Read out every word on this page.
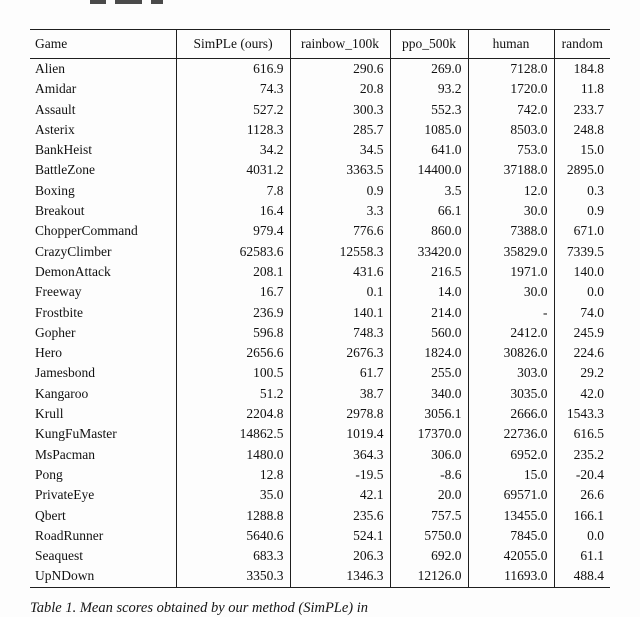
Game	SimPLe (ours)	rainbow_100k	ppo_500k	human	random
Alien	616.9	290.6	269.0	7128.0	184.8
Amidar	74.3	20.8	93.2	1720.0	11.8
Assault	527.2	300.3	552.3	742.0	233.7
Asterix	1128.3	285.7	1085.0	8503.0	248.8
BankHeist	34.2	34.5	641.0	753.0	15.0
BattleZone	4031.2	3363.5	14400.0	37188.0	2895.0
Boxing	7.8	0.9	3.5	12.0	0.3
Breakout	16.4	3.3	66.1	30.0	0.9
ChopperCommand	979.4	776.6	860.0	7388.0	671.0
CrazyClimber	62583.6	12558.3	33420.0	35829.0	7339.5
DemonAttack	208.1	431.6	216.5	1971.0	140.0
Freeway	16.7	0.1	14.0	30.0	0.0
Frostbite	236.9	140.1	214.0	-	74.0
Gopher	596.8	748.3	560.0	2412.0	245.9
Hero	2656.6	2676.3	1824.0	30826.0	224.6
Jamesbond	100.5	61.7	255.0	303.0	29.2
Kangaroo	51.2	38.7	340.0	3035.0	42.0
Krull	2204.8	2978.8	3056.1	2666.0	1543.3
KungFuMaster	14862.5	1019.4	17370.0	22736.0	616.5
MsPacman	1480.0	364.3	306.0	6952.0	235.2
Pong	12.8	-19.5	-8.6	15.0	-20.4
PrivateEye	35.0	42.1	20.0	69571.0	26.6
Qbert	1288.8	235.6	757.5	13455.0	166.1
RoadRunner	5640.6	524.1	5750.0	7845.0	0.0
Seaquest	683.3	206.3	692.0	42055.0	61.1
UpNDown	3350.3	1346.3	12126.0	11693.0	488.4
Table 1. Mean scores obtained by our method (SimPLe) in
